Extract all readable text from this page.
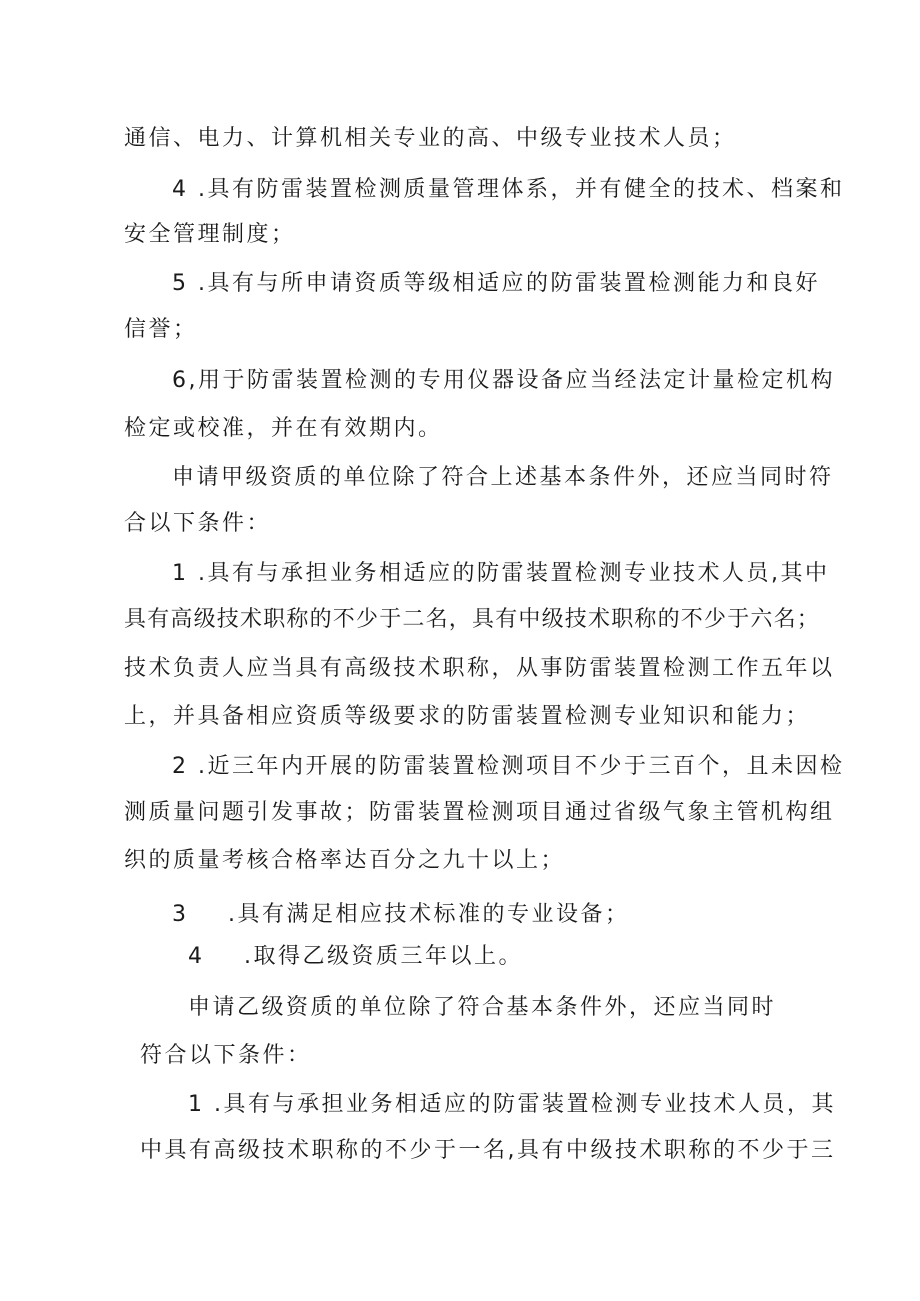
通信、电力、计算机相关专业的高、中级专业技术人员；
4 .具有防雷装置检测质量管理体系，并有健全的技术、档案和
安全管理制度；
5 .具有与所申请资质等级相适应的防雷装置检测能力和良好
信誉；
6,用于防雷装置检测的专用仪器设备应当经法定计量检定机构
检定或校准，并在有效期内。
申请甲级资质的单位除了符合上述基本条件外，还应当同时符
合以下条件：
1 .具有与承担业务相适应的防雷装置检测专业技术人员,其中
具有高级技术职称的不少于二名，具有中级技术职称的不少于六名；
技术负责人应当具有高级技术职称，从事防雷装置检测工作五年以
上，并具备相应资质等级要求的防雷装置检测专业知识和能力；
2 .近三年内开展的防雷装置检测项目不少于三百个，且未因检
测质量问题引发事故；防雷装置检测项目通过省级气象主管机构组
织的质量考核合格率达百分之九十以上；
3 .具有满足相应技术标准的专业设备；
4 .取得乙级资质三年以上。
申请乙级资质的单位除了符合基本条件外，还应当同时
符合以下条件：
1 .具有与承担业务相适应的防雷装置检测专业技术人员，其
中具有高级技术职称的不少于一名,具有中级技术职称的不少于三
